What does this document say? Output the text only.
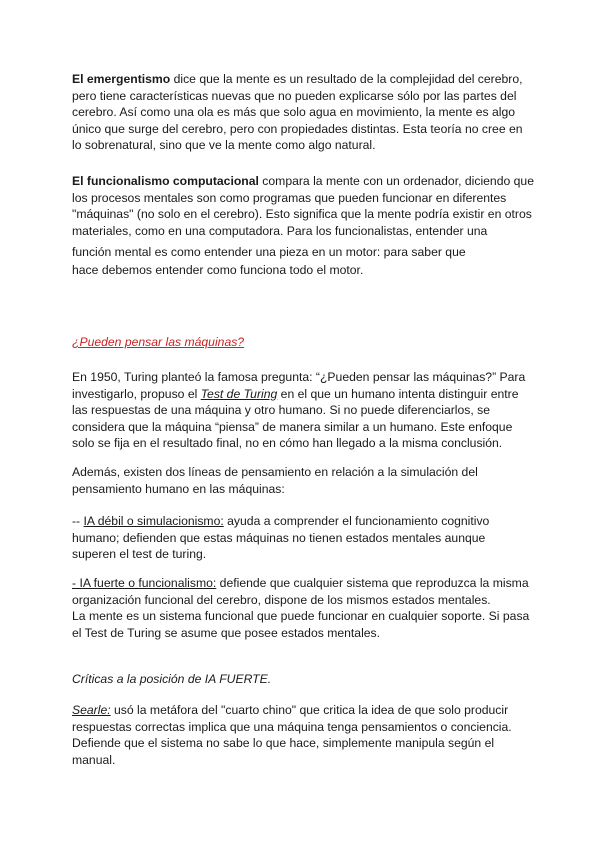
El emergentismo dice que la mente es un resultado de la complejidad del cerebro, pero tiene características nuevas que no pueden explicarse sólo por las partes del cerebro. Así como una ola es más que solo agua en movimiento, la mente es algo único que surge del cerebro, pero con propiedades distintas. Esta teoría no cree en lo sobrenatural, sino que ve la mente como algo natural.

El funcionalismo computacional compara la mente con un ordenador, diciendo que los procesos mentales son como programas que pueden funcionar en diferentes "máquinas" (no solo en el cerebro). Esto significa que la mente podría existir en otros materiales, como en una computadora. Para los funcionalistas, entender una

función mental es como entender una pieza en un motor: para saber que hace debemos entender como funciona todo el motor.

¿Pueden pensar las máquinas?

En 1950, Turing planteó la famosa pregunta: “¿Pueden pensar las máquinas?” Para investigarlo, propuso el Test de Turing en el que un humano intenta distinguir entre las respuestas de una máquina y otro humano. Si no puede diferenciarlos, se considera que la máquina “piensa” de manera similar a un humano. Este enfoque solo se fija en el resultado final, no en cómo han llegado a la misma conclusión.

Además, existen dos líneas de pensamiento en relación a la simulación del pensamiento humano en las máquinas:

-- IA débil o simulacionismo: ayuda a comprender el funcionamiento cognitivo humano; defienden que estas máquinas no tienen estados mentales aunque superen el test de turing.

- IA fuerte o funcionalismo: defiende que cualquier sistema que reproduzca la misma organización funcional del cerebro, dispone de los mismos estados mentales.

La mente es un sistema funcional que puede funcionar en cualquier soporte. Si pasa el Test de Turing se asume que posee estados mentales.

Críticas a la posición de IA FUERTE.

Searle: usó la metáfora del "cuarto chino" que critica la idea de que solo producir respuestas correctas implica que una máquina tenga pensamientos o conciencia. Defiende que el sistema no sabe lo que hace, simplemente manipula según el manual.
